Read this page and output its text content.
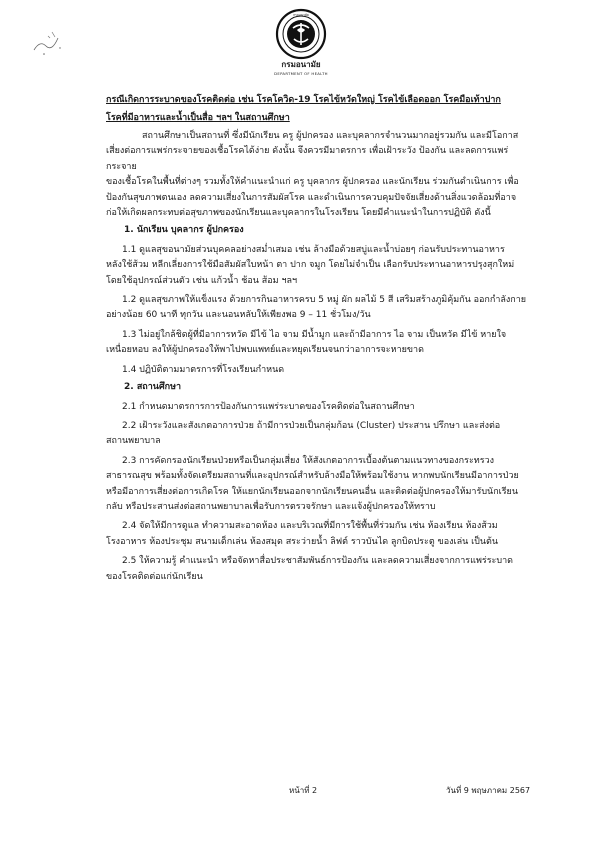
กรมอนามัย
กรมอนามัย
DEPARTMENT OF HEALTH

กรณีเกิดการระบาดของโรคติดต่อ เช่น โรคโควิด-19 โรคไข้หวัดใหญ่ โรคไข้เลือดออก โรคมือเท้าปาก

โรคที่มีอาหารและน้ำเป็นสื่อ ฯลฯ ในสถานศึกษา

สถานศึกษาเป็นสถานที่ ซึ่งมีนักเรียน ครู ผู้ปกครอง และบุคลากรจำนวนมากอยู่รวมกัน และมีโอกาส

เสี่ยงต่อการแพร่กระจายของเชื้อโรคได้ง่าย ดังนั้น จึงควรมีมาตรการ เพื่อเฝ้าระวัง ป้องกัน และลดการแพร่กระจาย

ของเชื้อโรคในพื้นที่ต่างๆ รวมทั้งให้คำแนะนำแก่ ครู บุคลากร ผู้ปกครอง และนักเรียน ร่วมกันดำเนินการ เพื่อ

ป้องกันสุขภาพตนเอง ลดความเสี่ยงในการสัมผัสโรค และดำเนินการควบคุมปัจจัยเสี่ยงด้านสิ่งแวดล้อมที่อาจ

ก่อให้เกิดผลกระทบต่อสุขภาพของนักเรียนและบุคลากรในโรงเรียน โดยมีคำแนะนำในการปฏิบัติ ดังนี้

1. นักเรียน บุคลากร ผู้ปกครอง

1.1 ดูแลสุขอนามัยส่วนบุคคลอย่างสม่ำเสมอ เช่น ล้างมือด้วยสบู่และน้ำบ่อยๆ ก่อนรับประทานอาหาร

หลังใช้ส้วม หลีกเลี่ยงการใช้มือสัมผัสใบหน้า ตา ปาก จมูก โดยไม่จำเป็น เลือกรับประทานอาหารปรุงสุกใหม่

โดยใช้อุปกรณ์ส่วนตัว เช่น แก้วน้ำ ช้อน ส้อม ฯลฯ

1.2 ดูแลสุขภาพให้แข็งแรง ด้วยการกินอาหารครบ 5 หมู่ ผัก ผลไม้ 5 สี เสริมสร้างภูมิคุ้มกัน ออกกำลังกาย

อย่างน้อย 60 นาที ทุกวัน และนอนหลับให้เพียงพอ 9 – 11 ชั่วโมง/วัน

1.3 ไม่อยู่ใกล้ชิดผู้ที่มีอาการหวัด มีไข้ ไอ จาม มีน้ำมูก และถ้ามีอาการ ไอ จาม เป็นหวัด มีไข้ หายใจ

เหนื่อยหอบ ลงให้ผู้ปกครองให้พาไปพบแพทย์และหยุดเรียนจนกว่าอาการจะหายขาด

1.4 ปฏิบัติตามมาตรการที่โรงเรียนกำหนด

2. สถานศึกษา

2.1 กำหนดมาตรการการป้องกันการแพร่ระบาดของโรคติดต่อในสถานศึกษา

2.2 เฝ้าระวังและสังเกตอาการป่วย ถ้ามีการป่วยเป็นกลุ่มก้อน (Cluster) ประสาน ปรึกษา และส่งต่อ

สถานพยาบาล

2.3 การคัดกรองนักเรียนป่วยหรือเป็นกลุ่มเสี่ยง ให้สังเกตอาการเบื้องต้นตามแนวทางของกระทรวง

สาธารณสุข พร้อมทั้งจัดเตรียมสถานที่และอุปกรณ์สำหรับล้างมือให้พร้อมใช้งาน หากพบนักเรียนมีอาการป่วย

หรือมีอาการเสี่ยงต่อการเกิดโรค ให้แยกนักเรียนออกจากนักเรียนคนอื่น และติดต่อผู้ปกครองให้มารับนักเรียน

กลับ หรือประสานส่งต่อสถานพยาบาลเพื่อรับการตรวจรักษา และแจ้งผู้ปกครองให้ทราบ

2.4 จัดให้มีการดูแล ทำความสะอาดห้อง และบริเวณที่มีการใช้พื้นที่ร่วมกัน เช่น ห้องเรียน ห้องส้วม

โรงอาหาร ห้องประชุม สนามเด็กเล่น ห้องสมุด สระว่ายน้ำ ลิฟต์ ราวบันได ลูกบิดประตู ของเล่น เป็นต้น

2.5 ให้ความรู้ คำแนะนำ หรือจัดหาสื่อประชาสัมพันธ์การป้องกัน และลดความเสี่ยงจากการแพร่ระบาด

ของโรคติดต่อแก่นักเรียน

หน้าที่ 2	วันที่ 9 พฤษภาคม 2567
